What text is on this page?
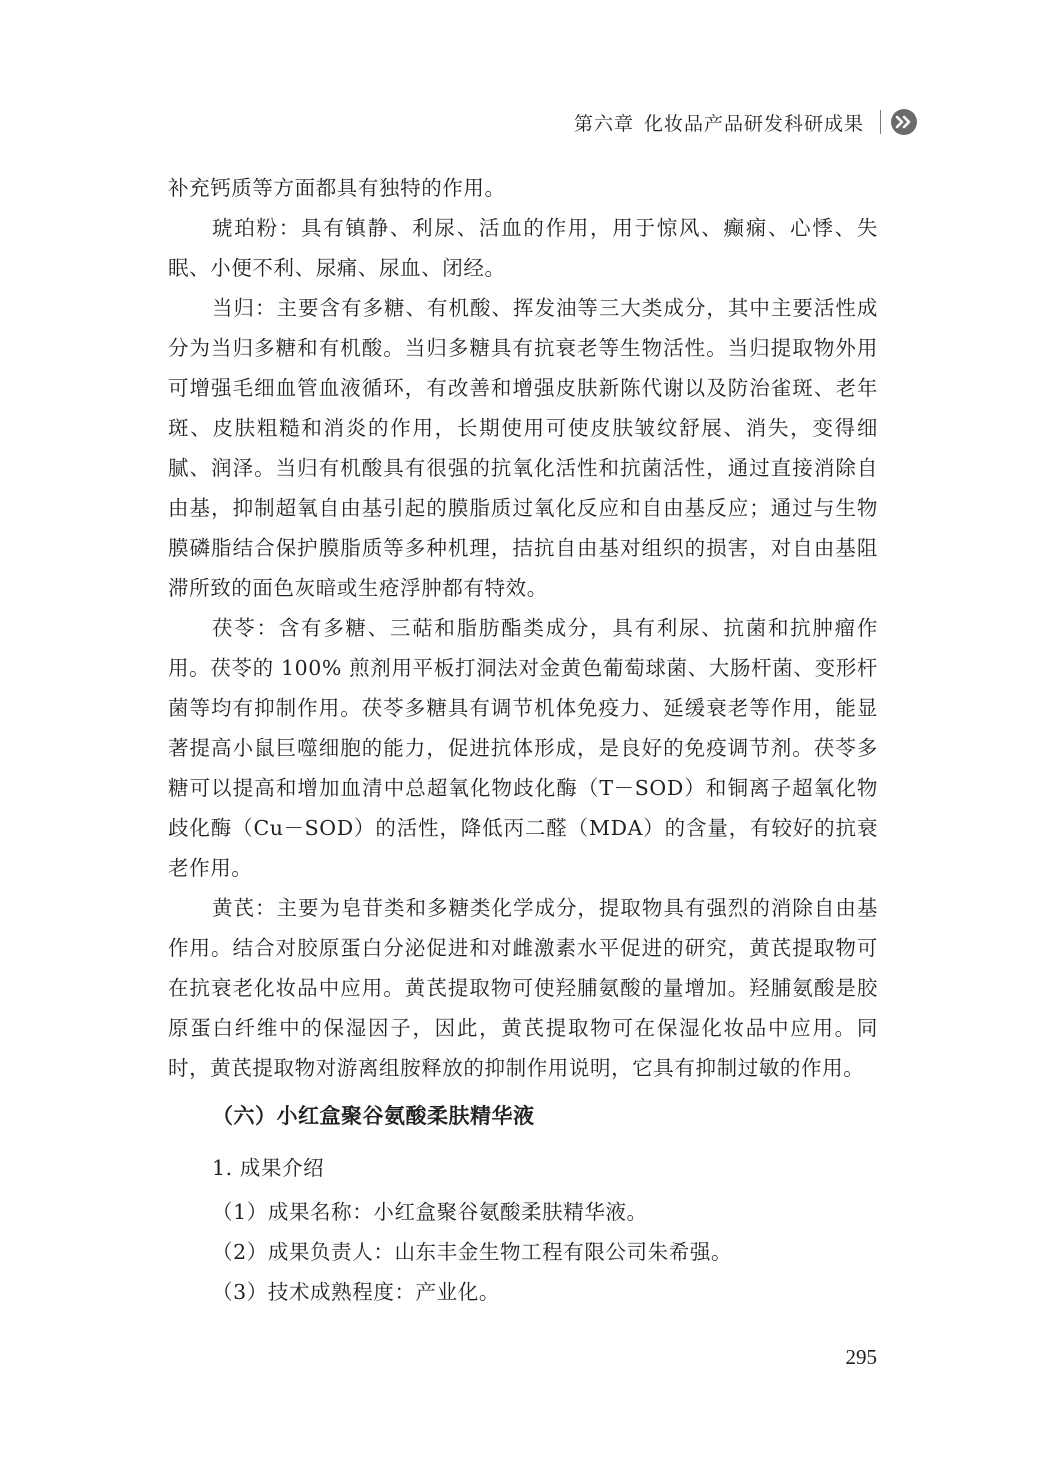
第六章 化妆品产品研发科研成果

补充钙质等方面都具有独特的作用。

琥珀粉：具有镇静、利尿、活血的作用，用于惊风、癫痫、心悸、失眠、小便不利、尿痛、尿血、闭经。

当归：主要含有多糖、有机酸、挥发油等三大类成分，其中主要活性成分为当归多糖和有机酸。当归多糖具有抗衰老等生物活性。当归提取物外用可增强毛细血管血液循环，有改善和增强皮肤新陈代谢以及防治雀斑、老年斑、皮肤粗糙和消炎的作用，长期使用可使皮肤皱纹舒展、消失，变得细腻、润泽。当归有机酸具有很强的抗氧化活性和抗菌活性，通过直接消除自由基，抑制超氧自由基引起的膜脂质过氧化反应和自由基反应；通过与生物膜磷脂结合保护膜脂质等多种机理，拮抗自由基对组织的损害，对自由基阻滞所致的面色灰暗或生疮浮肿都有特效。

茯苓：含有多糖、三萜和脂肪酯类成分，具有利尿、抗菌和抗肿瘤作用。茯苓的 100% 煎剂用平板打洞法对金黄色葡萄球菌、大肠杆菌、变形杆菌等均有抑制作用。茯苓多糖具有调节机体免疫力、延缓衰老等作用，能显著提高小鼠巨噬细胞的能力，促进抗体形成，是良好的免疫调节剂。茯苓多糖可以提高和增加血清中总超氧化物歧化酶（T－SOD）和铜离子超氧化物歧化酶（Cu－SOD）的活性，降低丙二醛（MDA）的含量，有较好的抗衰老作用。

黄芪：主要为皂苷类和多糖类化学成分，提取物具有强烈的消除自由基作用。结合对胶原蛋白分泌促进和对雌激素水平促进的研究，黄芪提取物可在抗衰老化妆品中应用。黄芪提取物可使羟脯氨酸的量增加。羟脯氨酸是胶原蛋白纤维中的保湿因子，因此，黄芪提取物可在保湿化妆品中应用。同时，黄芪提取物对游离组胺释放的抑制作用说明，它具有抑制过敏的作用。

（六）小红盒聚谷氨酸柔肤精华液
1. 成果介绍
（1）成果名称：小红盒聚谷氨酸柔肤精华液。
（2）成果负责人：山东丰金生物工程有限公司朱希强。
（3）技术成熟程度：产业化。
295
